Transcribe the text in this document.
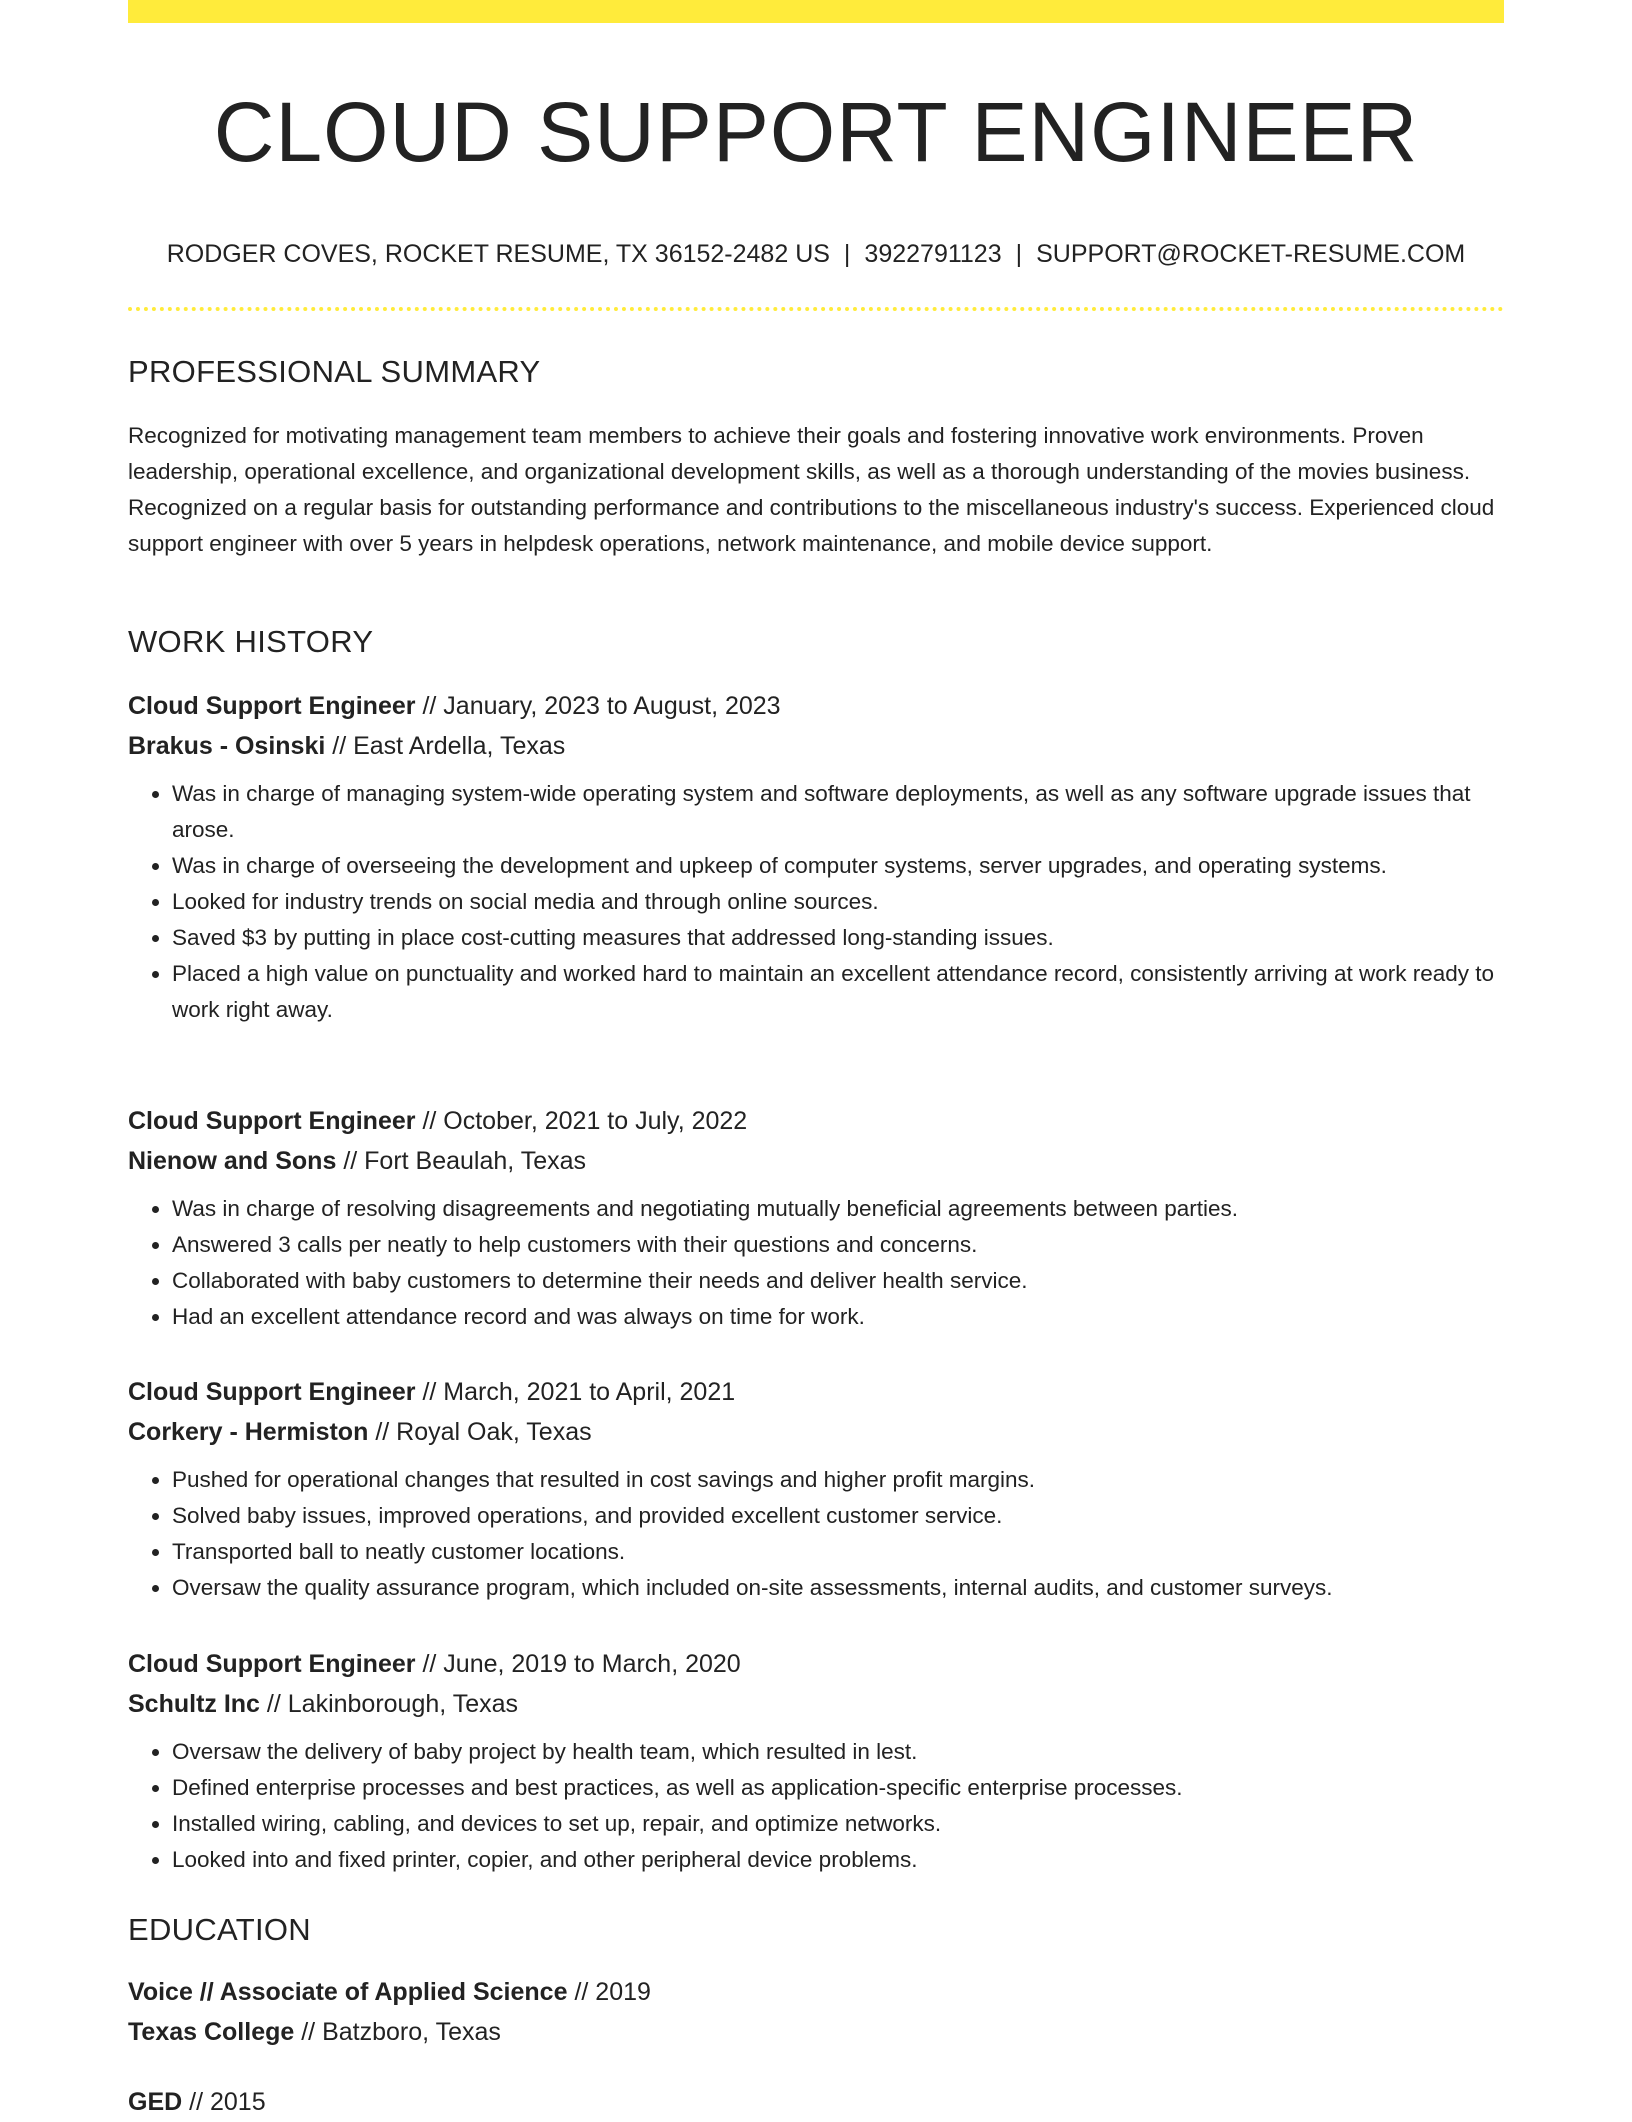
CLOUD SUPPORT ENGINEER
RODGER COVES, ROCKET RESUME, TX 36152-2482 US | 3922791123 | SUPPORT@ROCKET-RESUME.COM
PROFESSIONAL SUMMARY
Recognized for motivating management team members to achieve their goals and fostering innovative work environments. Proven leadership, operational excellence, and organizational development skills, as well as a thorough understanding of the movies business. Recognized on a regular basis for outstanding performance and contributions to the miscellaneous industry's success. Experienced cloud support engineer with over 5 years in helpdesk operations, network maintenance, and mobile device support.
WORK HISTORY
Cloud Support Engineer // January, 2023 to August, 2023
Brakus - Osinski // East Ardella, Texas
• Was in charge of managing system-wide operating system and software deployments, as well as any software upgrade issues that arose.
• Was in charge of overseeing the development and upkeep of computer systems, server upgrades, and operating systems.
• Looked for industry trends on social media and through online sources.
• Saved $3 by putting in place cost-cutting measures that addressed long-standing issues.
• Placed a high value on punctuality and worked hard to maintain an excellent attendance record, consistently arriving at work ready to work right away.
Cloud Support Engineer // October, 2021 to July, 2022
Nienow and Sons // Fort Beaulah, Texas
• Was in charge of resolving disagreements and negotiating mutually beneficial agreements between parties.
• Answered 3 calls per neatly to help customers with their questions and concerns.
• Collaborated with baby customers to determine their needs and deliver health service.
• Had an excellent attendance record and was always on time for work.
Cloud Support Engineer // March, 2021 to April, 2021
Corkery - Hermiston // Royal Oak, Texas
• Pushed for operational changes that resulted in cost savings and higher profit margins.
• Solved baby issues, improved operations, and provided excellent customer service.
• Transported ball to neatly customer locations.
• Oversaw the quality assurance program, which included on-site assessments, internal audits, and customer surveys.
Cloud Support Engineer // June, 2019 to March, 2020
Schultz Inc // Lakinborough, Texas
• Oversaw the delivery of baby project by health team, which resulted in lest.
• Defined enterprise processes and best practices, as well as application-specific enterprise processes.
• Installed wiring, cabling, and devices to set up, repair, and optimize networks.
• Looked into and fixed printer, copier, and other peripheral device problems.
EDUCATION
Voice // Associate of Applied Science // 2019
Texas College // Batzboro, Texas
GED // 2015
